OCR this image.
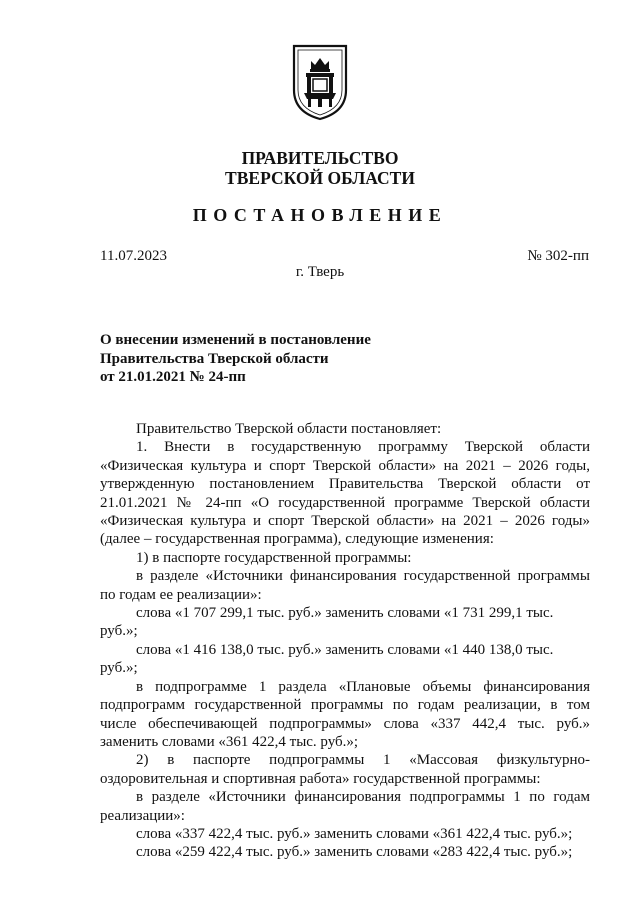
ПРАВИТЕЛЬСТВО
ТВЕРСКОЙ ОБЛАСТИ
ПОСТАНОВЛЕНИЕ
11.07.2023	№ 302-пп
г. Тверь
О внесении изменений в постановление
Правительства Тверской области
от 21.01.2021 № 24-пп

Правительство Тверской области постановляет:

1. Внести в государственную программу Тверской области «Физическая культура и спорт Тверской области» на 2021 – 2026 годы, утвержденную постановлением Правительства Тверской области от 21.01.2021 № 24-пп «О государственной программе Тверской области «Физическая культура и спорт Тверской области» на 2021 – 2026 годы» (далее – государственная программа), следующие изменения:

1) в паспорте государственной программы:

в разделе «Источники финансирования государственной программы по годам ее реализации»:

слова «1 707 299,1 тыс. руб.» заменить словами «1 731 299,1 тыс. руб.»;

слова «1 416 138,0 тыс. руб.» заменить словами «1 440 138,0 тыс. руб.»;

в подпрограмме 1 раздела «Плановые объемы финансирования подпрограмм государственной программы по годам реализации, в том числе обеспечивающей подпрограммы» слова «337 442,4 тыс. руб.» заменить словами «361 422,4 тыс. руб.»;

2) в паспорте подпрограммы 1 «Массовая физкультурно-оздоровительная и спортивная работа» государственной программы:

в разделе «Источники финансирования подпрограммы 1 по годам реализации»:

слова «337 422,4 тыс. руб.» заменить словами «361 422,4 тыс. руб.»;

слова «259 422,4 тыс. руб.» заменить словами «283 422,4 тыс. руб.»;
